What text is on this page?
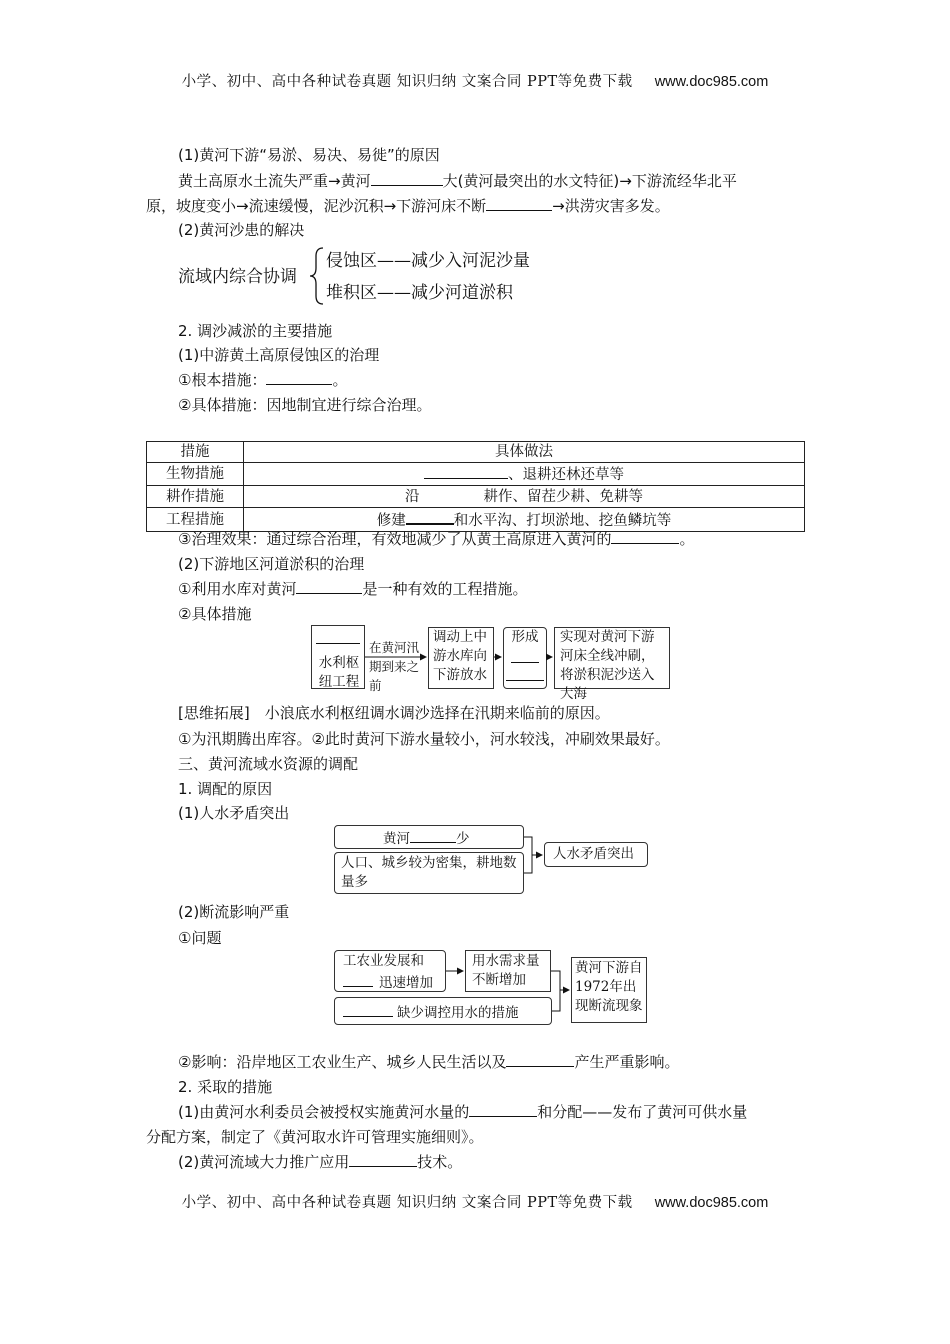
小学、初中、高中各种试卷真题 知识归纳 文案合同 PPT等免费下载 www.doc985.com
(1)黄河下游“易淤、易决、易徙”的原因
黄土高原水土流失严重→黄河	大(黄河最突出的水文特征)→下游流经华北平
原，坡度变小→流速缓慢，泥沙沉积→下游河床不断	→洪涝灾害多发。
(2)黄河沙患的解决
流域内综合协调
侵蚀区——减少入河泥沙量
堆积区——减少河道淤积
2. 调沙减淤的主要措施
(1)中游黄土高原侵蚀区的治理
①根本措施：	。
②具体措施：因地制宜进行综合治理。
措施	具体做法
生物措施	、退耕还林还草等
耕作措施	沿 耕作、留茬少耕、免耕等
工程措施	修建 和水平沟、打坝淤地、挖鱼鳞坑等
③治理效果：通过综合治理，有效地减少了从黄土高原进入黄河的	。
(2)下游地区河道淤积的治理
①利用水库对黄河	是一种有效的工程措施。
②具体措施
水利枢纽工程
在黄河汛期到来之前
调动上中游水库向下游放水
形成	实现对黄河下游河床全线冲刷，将淤积泥沙送入大海
[思维拓展]　小浪底水利枢纽调水调沙选择在汛期来临前的原因。
①为汛期腾出库容。②此时黄河下游水量较小，河水较浅，冲刷效果最好。
三、黄河流域水资源的调配
1. 调配的原因
(1)人水矛盾突出
黄河	少
人口、城乡较为密集，耕地数量多
人水矛盾突出
(2)断流影响严重
①问题
工农业发展和
迅速增加
用水需求量不断增加
缺少调控用水的措施
黄河下游自1972年出现断流现象
②影响：沿岸地区工农业生产、城乡人民生活以及	产生严重影响。
2. 采取的措施
(1)由黄河水利委员会被授权实施黄河水量的	和分配——发布了黄河可供水量
分配方案，制定了《黄河取水许可管理实施细则》。
(2)黄河流域大力推广应用	技术。
小学、初中、高中各种试卷真题 知识归纳 文案合同 PPT等免费下载 www.doc985.com
